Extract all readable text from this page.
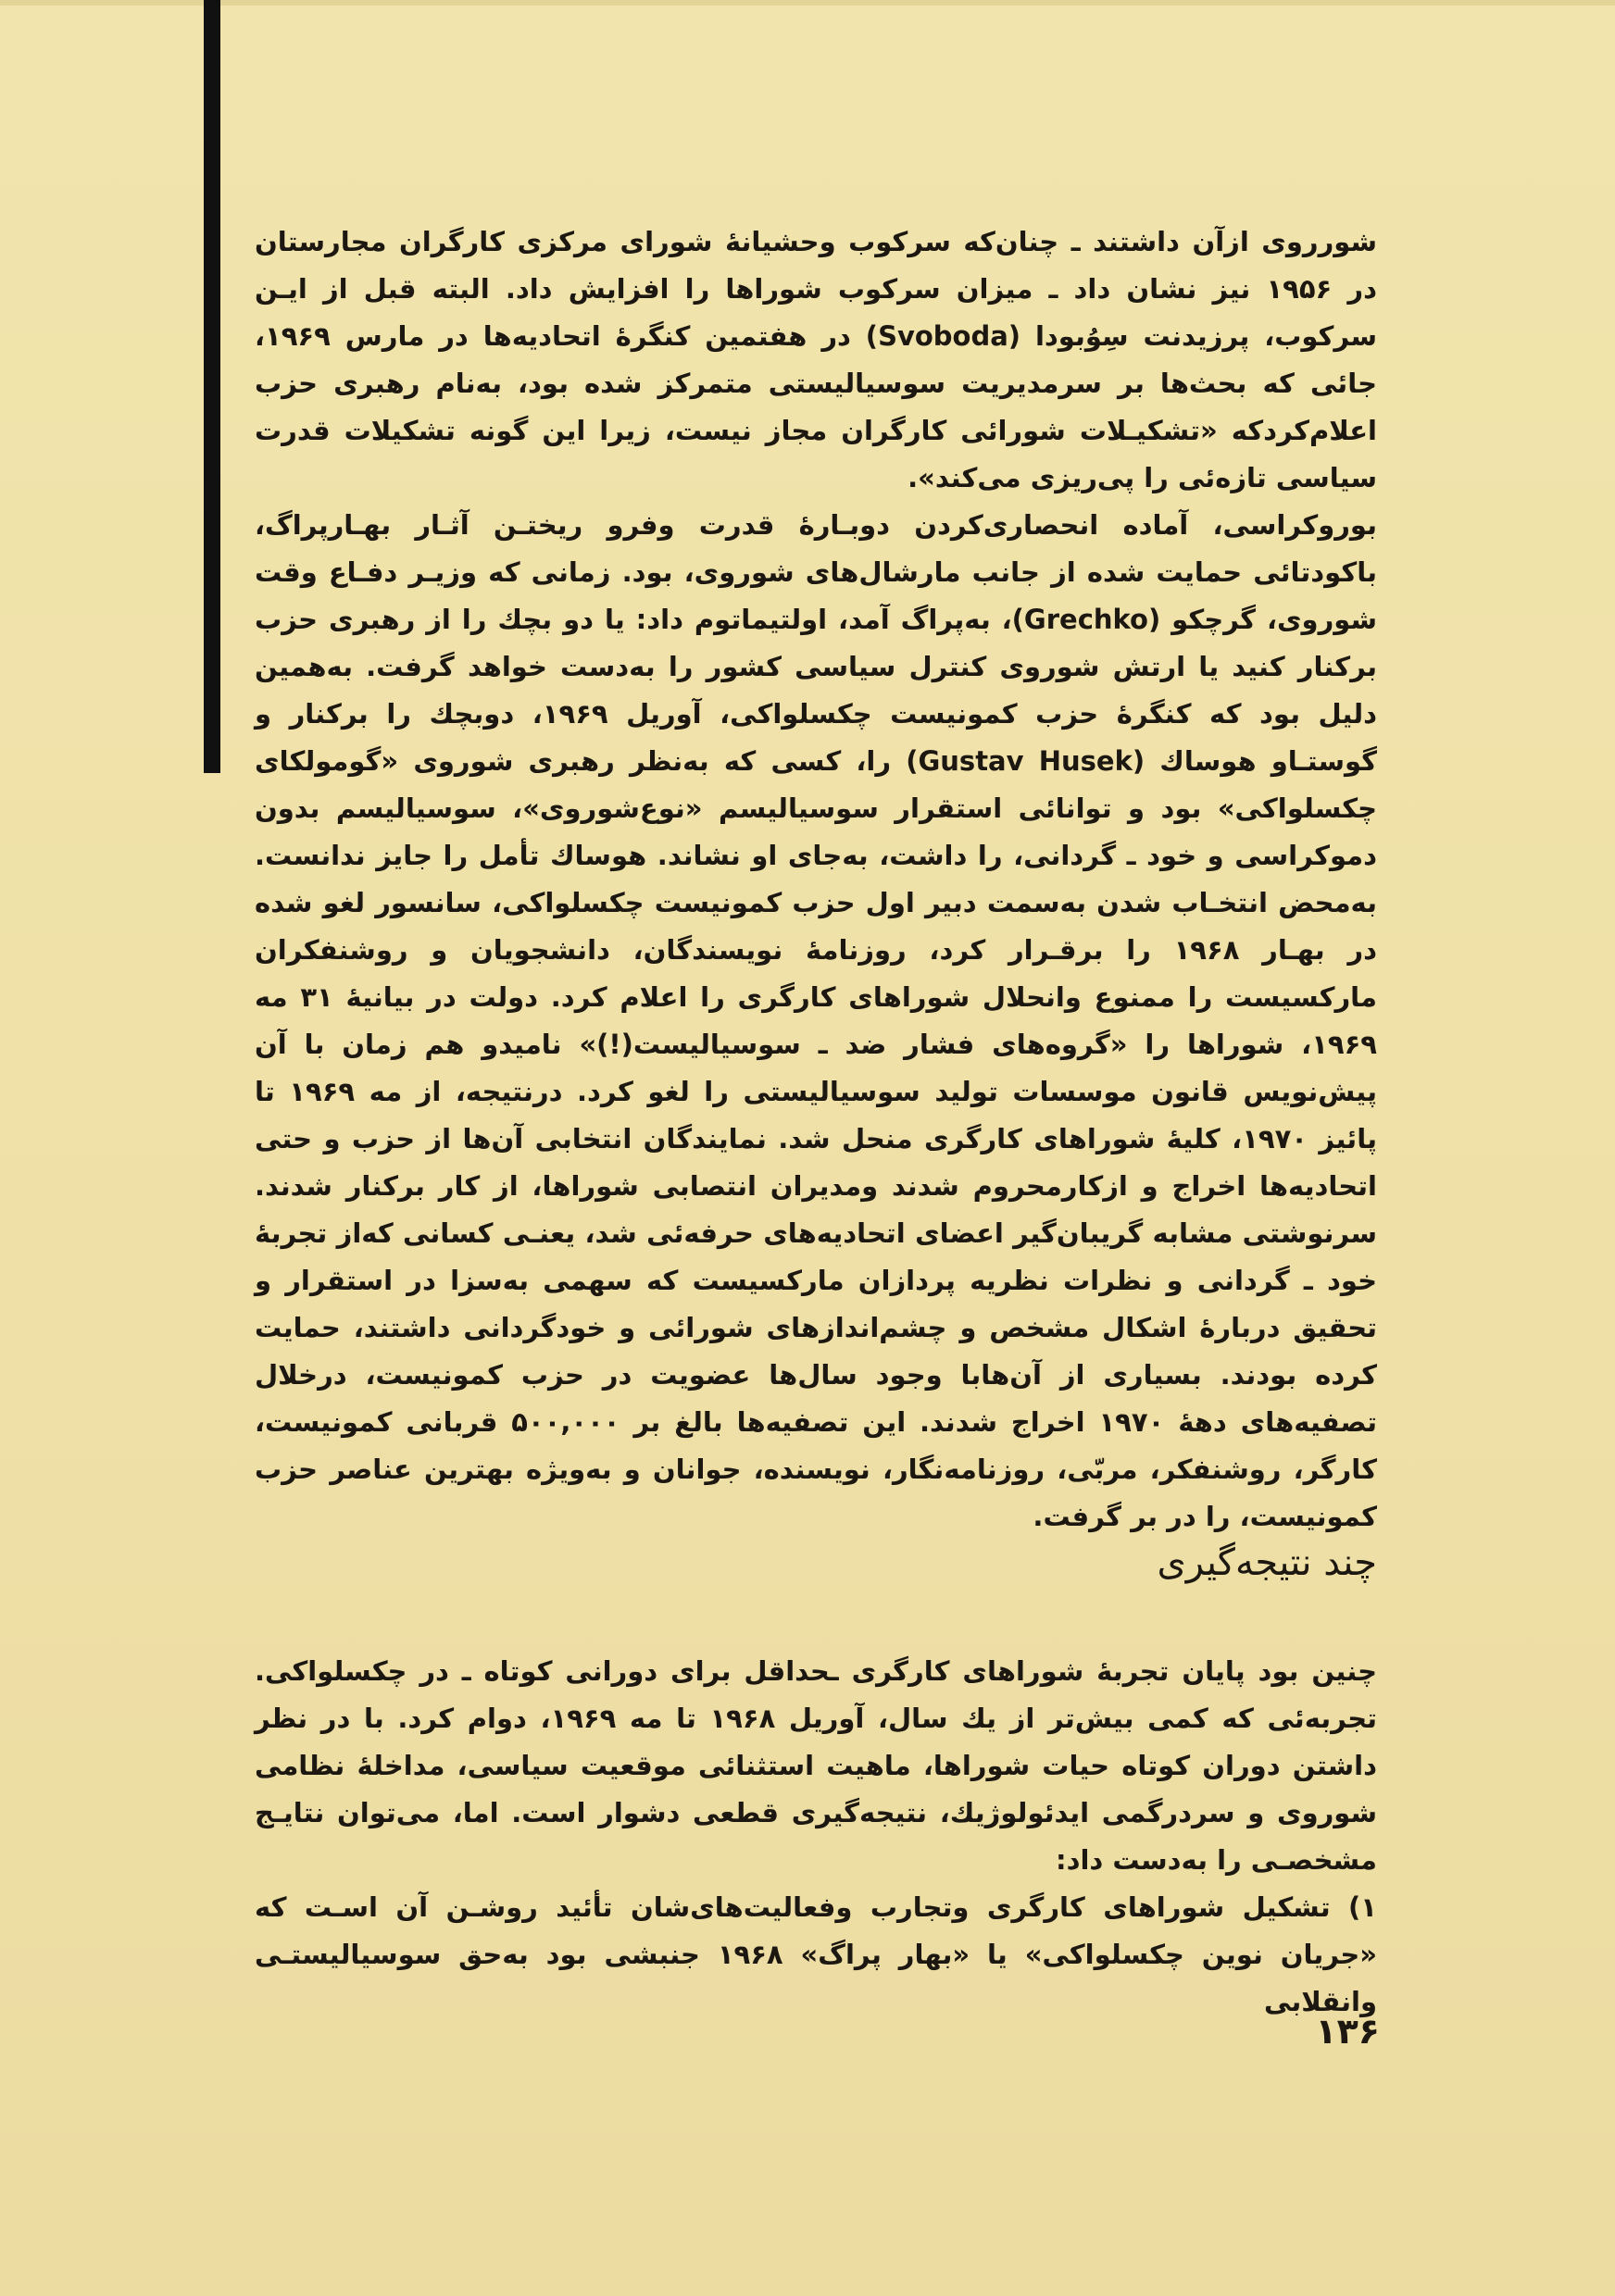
شورروی ازآن داشتند ـ چنان‌که سرکوب وحشیانهٔ شورای مرکزی کارگران مجارستان در ۱۹۵۶ نیز نشان داد ـ میزان سرکوب شوراها را افزایش داد. البته قبل از ایـن سرکوب، پرزیدنت سِوُبودا (Svoboda) در هفتمین کنگرهٔ اتحادیه‌ها در مارس ۱۹۶۹، جائی که بحث‌ها بر سرمدیریت سوسیالیستی متمرکز شده بود، به‌نام رهبری حزب اعلام‌کردکه «تشکیـلات شورائی کارگران مجاز نیست، زیرا این گونه تشکیلات قدرت سیاسی تازه‌ئی را پی‌ریزی می‌کند».

بوروکراسی، آماده انحصاری‌کردن دوبـارهٔ قدرت وفرو ریختـن آثـار بهـارپراگ، باکودتائی حمایت شده از جانب مارشال‌های شوروی، بود. زمانی که وزیـر دفـاع وقت شوروی، گرچکو (Grechko)، به‌پراگ آمد، اولتیماتوم داد: یا دو بچك را از رهبری حزب برکنار کنید یا ارتش شوروی کنترل سیاسی کشور را به‌دست خواهد گرفت. به‌همین دلیل بود که کنگرهٔ حزب کمونیست چکسلواکی، آوریل ۱۹۶۹، دوبچك را برکنار و گوستـاو هوساك (Gustav Husek) را، کسی که به‌نظر رهبری شوروی «گومولکای چکسلواکی» بود و توانائی استقرار سوسیالیسم «نوع‌شوروی»، سوسیالیسم بدون دموکراسی و خود ـ گردانی، را داشت، به‌جای او نشاند. هوساك تأمل را جایز ندانست. به‌محض انتخـاب شدن به‌سمت دبیر اول حزب کمونیست چکسلواکی، سانسور لغو شده در بهـار ۱۹۶۸ را برقـرار کرد، روزنامهٔ نویسندگان، دانشجویان و روشنفکران مارکسیست را ممنوع وانحلال شوراهای کارگری را اعلام کرد. دولت در بیانیهٔ ۳۱ مه ۱۹۶۹، شوراها را «گروه‌های فشار ضد ـ سوسیالیست(!)» نامیدو هم زمان با آن پیش‌نویس قانون موسسات تولید سوسیالیستی را لغو کرد. درنتیجه، از مه ۱۹۶۹ تا پائیز ۱۹۷۰، کلیهٔ شوراهای کارگری منحل شد. نمایندگان انتخابی آن‌ها از حزب و حتی اتحادیه‌ها اخراج و ازکارمحروم شدند ومدیران انتصابی شوراها، از کار برکنار شدند. سرنوشتی مشابه گریبان‌گیر اعضای اتحادیه‌های حرفه‌ئی شد، یعنـی کسانی که‌از تجربهٔ خود ـ گردانی و نظرات نظریه پردازان مارکسیست که سهمی به‌سزا در استقرار و تحقیق دربارهٔ اشکال مشخص و چشم‌اندازهای شورائی و خودگردانی داشتند، حمایت کرده بودند. بسیاری از آن‌هابا وجود سال‌ها عضویت در حزب کمونیست، درخلال تصفیه‌های دههٔ ۱۹۷۰ اخراج شدند. این تصفیه‌ها بالغ بر ۵۰۰,۰۰۰ قربانی کمونیست، کارگر، روشنفکر، مربّی، روزنامه‌نگار، نویسنده، جوانان و به‌ویژه بهترین عناصر حزب کمونیست، را در بر گرفت.

چند نتیجه‌گیری

چنین بود پایان تجربهٔ شوراهای کارگری ـحداقل برای دورانی کوتاه ـ در چکسلواکی. تجربه‌ئی که کمی بیش‌تر از یك سال، آوریل ۱۹۶۸ تا مه ۱۹۶۹، دوام کرد. با در نظر داشتن دوران کوتاه حیات شوراها، ماهیت استثنائی موقعیت سیاسی، مداخلهٔ نظامی شوروی و سردرگمی ایدئولوژیك، نتیجه‌گیری قطعی دشوار است. اما، می‌توان نتایـج مشخصـی را به‌دست داد:

۱) تشکیل شوراهای کارگری وتجارب وفعالیت‌های‌شان تأئید روشـن آن اسـت که «جریان نوین چکسلواکی» یا «بهار پراگ» ۱۹۶۸ جنبشی بود به‌حق سوسیالیستـی وانقلابی

۱۳۶
